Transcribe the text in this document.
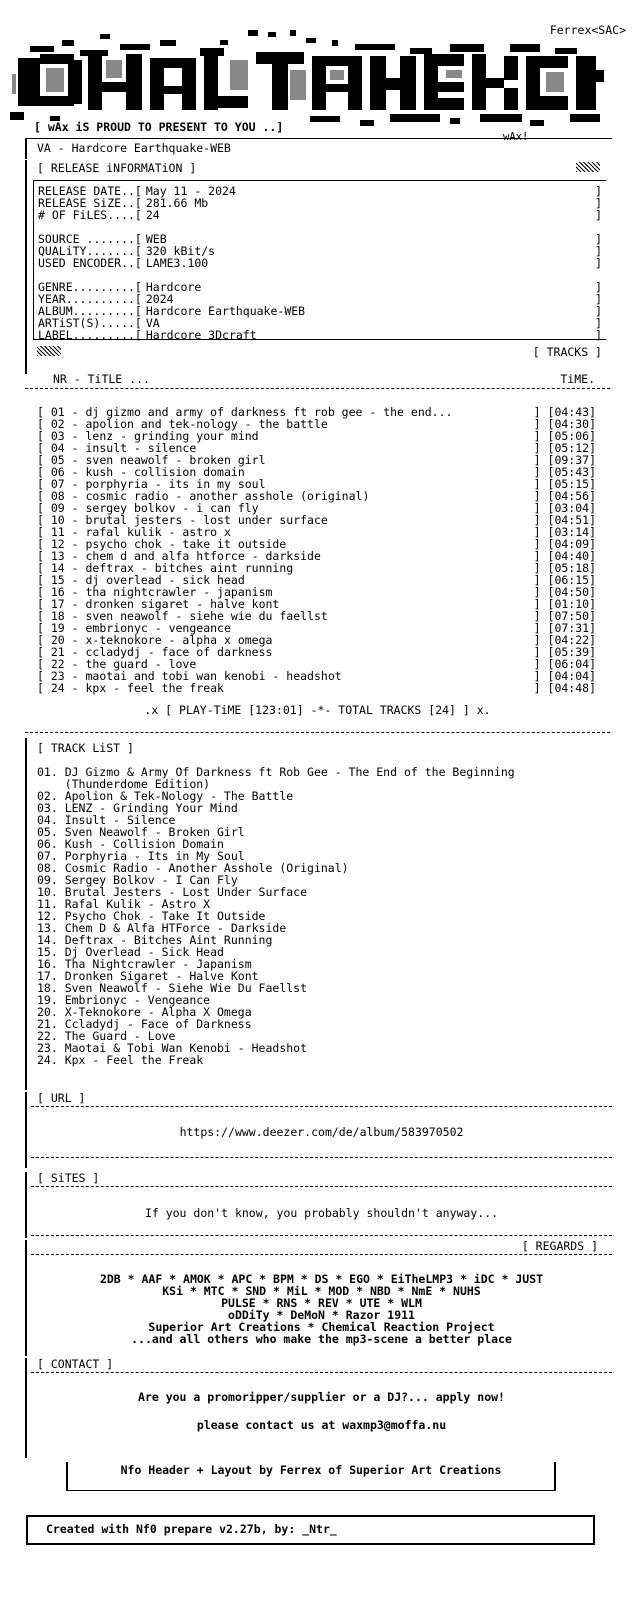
Ferrex<SAC>
[ wAx iS PROUD TO PRESENT TO YOU ..]
wAx!
VA - Hardcore Earthquake-WEB
[ RELEASE iNFORMATiON ]
RELEASE DATE..[ May 11 - 2024	]
RELEASE SiZE..[ 281.66 Mb	]
# OF FiLES....[ 24	]

SOURCE .......[ WEB	]
QUALiTY.......[ 320 kBit/s	]
USED ENCODER..[ LAME3.100	]

GENRE.........[ Hardcore	]
YEAR..........[ 2024	]
ALBUM.........[ Hardcore Earthquake-WEB	]
ARTiST(S).....[ VA	]
LABEL.........[ Hardcore 3Dcraft	]
[ TRACKS ]
NR - TiTLE ...	TiME.
[ 01 - dj gizmo and army of darkness ft rob gee - the end...	] [04:43]
[ 02 - apolion and tek-nology - the battle	] [04:30]
[ 03 - lenz - grinding your mind	] [05:06]
[ 04 - insult - silence	] [05:12]
[ 05 - sven neawolf - broken girl	] [09:37]
[ 06 - kush - collision domain	] [05:43]
[ 07 - porphyria - its in my soul	] [05:15]
[ 08 - cosmic radio - another asshole (original)	] [04:56]
[ 09 - sergey bolkov - i can fly	] [03:04]
[ 10 - brutal jesters - lost under surface	] [04:51]
[ 11 - rafal kulik - astro x	] [03:14]
[ 12 - psycho chok - take it outside	] [04:09]
[ 13 - chem d and alfa htforce - darkside	] [04:40]
[ 14 - deftrax - bitches aint running	] [05:18]
[ 15 - dj overlead - sick head	] [06:15]
[ 16 - tha nightcrawler - japanism	] [04:50]
[ 17 - dronken sigaret - halve kont	] [01:10]
[ 18 - sven neawolf - siehe wie du faellst	] [07:50]
[ 19 - embrionyc - vengeance	] [07:31]
[ 20 - x-teknokore - alpha x omega	] [04:22]
[ 21 - ccladydj - face of darkness	] [05:39]
[ 22 - the guard - love	] [06:04]
[ 23 - maotai and tobi wan kenobi - headshot	] [04:04]
[ 24 - kpx - feel the freak	] [04:48]
.x [ PLAY-TiME [123:01] -*- TOTAL TRACKS [24] ] x.
[ TRACK LiST ]
01. DJ Gizmo & Army Of Darkness ft Rob Gee - The End of the Beginning
(Thunderdome Edition)
02. Apolion & Tek-Nology - The Battle
03. LENZ - Grinding Your Mind
04. Insult - Silence
05. Sven Neawolf - Broken Girl
06. Kush - Collision Domain
07. Porphyria - Its in My Soul
08. Cosmic Radio - Another Asshole (Original)
09. Sergey Bolkov - I Can Fly
10. Brutal Jesters - Lost Under Surface
11. Rafal Kulik - Astro X
12. Psycho Chok - Take It Outside
13. Chem D & Alfa HTForce - Darkside
14. Deftrax - Bitches Aint Running
15. Dj Overlead - Sick Head
16. Tha Nightcrawler - Japanism
17. Dronken Sigaret - Halve Kont
18. Sven Neawolf - Siehe Wie Du Faellst
19. Embrionyc - Vengeance
20. X-Teknokore - Alpha X Omega
21. Ccladydj - Face of Darkness
22. The Guard - Love
23. Maotai & Tobi Wan Kenobi - Headshot
24. Kpx - Feel the Freak
[ URL ]
https://www.deezer.com/de/album/583970502
[ SiTES ]
If you don't know, you probably shouldn't anyway...
[ REGARDS ]
2DB * AAF * AMOK * APC * BPM * DS * EGO * EiTheLMP3 * iDC * JUST
KSi * MTC * SND * MiL * MOD * NBD * NmE * NUHS
PULSE * RNS * REV * UTE * WLM
oDDiTy * DeMoN * Razor 1911
Superior Art Creations * Chemical Reaction Project
...and all others who make the mp3-scene a better place
[ CONTACT ]
Are you a promoripper/supplier or a DJ?... apply now!
please contact us at waxmp3@moffa.nu
Nfo Header + Layout by Ferrex of Superior Art Creations
Created with Nf0 prepare v2.27b, by: _Ntr_
